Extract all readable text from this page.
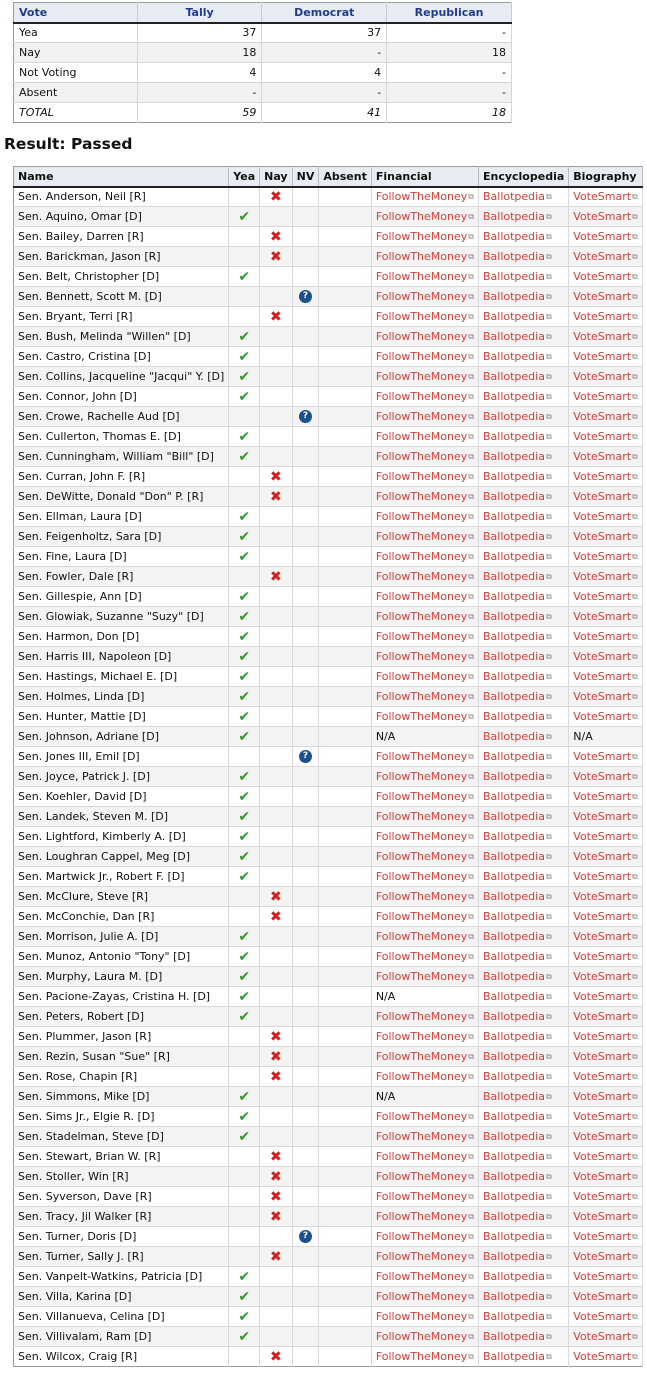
Vote	Tally	Democrat	Republican
Yea	37	37	-
Nay	18	-	18
Not Voting	4	4	-
Absent	-	-	-
TOTAL	59	41	18
Result: Passed
Name	Yea	Nay	NV	Absent	Financial	Encyclopedia	Biography
Sen. Anderson, Neil [R]		✖			FollowTheMoney⧉	Ballotpedia⧉	VoteSmart⧉
Sen. Aquino, Omar [D]	✔				FollowTheMoney⧉	Ballotpedia⧉	VoteSmart⧉
Sen. Bailey, Darren [R]		✖			FollowTheMoney⧉	Ballotpedia⧉	VoteSmart⧉
Sen. Barickman, Jason [R]		✖			FollowTheMoney⧉	Ballotpedia⧉	VoteSmart⧉
Sen. Belt, Christopher [D]	✔				FollowTheMoney⧉	Ballotpedia⧉	VoteSmart⧉
Sen. Bennett, Scott M. [D]			?		FollowTheMoney⧉	Ballotpedia⧉	VoteSmart⧉
Sen. Bryant, Terri [R]		✖			FollowTheMoney⧉	Ballotpedia⧉	VoteSmart⧉
Sen. Bush, Melinda "Willen" [D]	✔				FollowTheMoney⧉	Ballotpedia⧉	VoteSmart⧉
Sen. Castro, Cristina [D]	✔				FollowTheMoney⧉	Ballotpedia⧉	VoteSmart⧉
Sen. Collins, Jacqueline "Jacqui" Y. [D]	✔				FollowTheMoney⧉	Ballotpedia⧉	VoteSmart⧉
Sen. Connor, John [D]	✔				FollowTheMoney⧉	Ballotpedia⧉	VoteSmart⧉
Sen. Crowe, Rachelle Aud [D]			?		FollowTheMoney⧉	Ballotpedia⧉	VoteSmart⧉
Sen. Cullerton, Thomas E. [D]	✔				FollowTheMoney⧉	Ballotpedia⧉	VoteSmart⧉
Sen. Cunningham, William "Bill" [D]	✔				FollowTheMoney⧉	Ballotpedia⧉	VoteSmart⧉
Sen. Curran, John F. [R]		✖			FollowTheMoney⧉	Ballotpedia⧉	VoteSmart⧉
Sen. DeWitte, Donald "Don" P. [R]		✖			FollowTheMoney⧉	Ballotpedia⧉	VoteSmart⧉
Sen. Ellman, Laura [D]	✔				FollowTheMoney⧉	Ballotpedia⧉	VoteSmart⧉
Sen. Feigenholtz, Sara [D]	✔				FollowTheMoney⧉	Ballotpedia⧉	VoteSmart⧉
Sen. Fine, Laura [D]	✔				FollowTheMoney⧉	Ballotpedia⧉	VoteSmart⧉
Sen. Fowler, Dale [R]		✖			FollowTheMoney⧉	Ballotpedia⧉	VoteSmart⧉
Sen. Gillespie, Ann [D]	✔				FollowTheMoney⧉	Ballotpedia⧉	VoteSmart⧉
Sen. Glowiak, Suzanne "Suzy" [D]	✔				FollowTheMoney⧉	Ballotpedia⧉	VoteSmart⧉
Sen. Harmon, Don [D]	✔				FollowTheMoney⧉	Ballotpedia⧉	VoteSmart⧉
Sen. Harris III, Napoleon [D]	✔				FollowTheMoney⧉	Ballotpedia⧉	VoteSmart⧉
Sen. Hastings, Michael E. [D]	✔				FollowTheMoney⧉	Ballotpedia⧉	VoteSmart⧉
Sen. Holmes, Linda [D]	✔				FollowTheMoney⧉	Ballotpedia⧉	VoteSmart⧉
Sen. Hunter, Mattie [D]	✔				FollowTheMoney⧉	Ballotpedia⧉	VoteSmart⧉
Sen. Johnson, Adriane [D]	✔				N/A	Ballotpedia⧉	N/A
Sen. Jones III, Emil [D]			?		FollowTheMoney⧉	Ballotpedia⧉	VoteSmart⧉
Sen. Joyce, Patrick J. [D]	✔				FollowTheMoney⧉	Ballotpedia⧉	VoteSmart⧉
Sen. Koehler, David [D]	✔				FollowTheMoney⧉	Ballotpedia⧉	VoteSmart⧉
Sen. Landek, Steven M. [D]	✔				FollowTheMoney⧉	Ballotpedia⧉	VoteSmart⧉
Sen. Lightford, Kimberly A. [D]	✔				FollowTheMoney⧉	Ballotpedia⧉	VoteSmart⧉
Sen. Loughran Cappel, Meg [D]	✔				FollowTheMoney⧉	Ballotpedia⧉	VoteSmart⧉
Sen. Martwick Jr., Robert F. [D]	✔				FollowTheMoney⧉	Ballotpedia⧉	VoteSmart⧉
Sen. McClure, Steve [R]		✖			FollowTheMoney⧉	Ballotpedia⧉	VoteSmart⧉
Sen. McConchie, Dan [R]		✖			FollowTheMoney⧉	Ballotpedia⧉	VoteSmart⧉
Sen. Morrison, Julie A. [D]	✔				FollowTheMoney⧉	Ballotpedia⧉	VoteSmart⧉
Sen. Munoz, Antonio "Tony" [D]	✔				FollowTheMoney⧉	Ballotpedia⧉	VoteSmart⧉
Sen. Murphy, Laura M. [D]	✔				FollowTheMoney⧉	Ballotpedia⧉	VoteSmart⧉
Sen. Pacione-Zayas, Cristina H. [D]	✔				N/A	Ballotpedia⧉	VoteSmart⧉
Sen. Peters, Robert [D]	✔				FollowTheMoney⧉	Ballotpedia⧉	VoteSmart⧉
Sen. Plummer, Jason [R]		✖			FollowTheMoney⧉	Ballotpedia⧉	VoteSmart⧉
Sen. Rezin, Susan "Sue" [R]		✖			FollowTheMoney⧉	Ballotpedia⧉	VoteSmart⧉
Sen. Rose, Chapin [R]		✖			FollowTheMoney⧉	Ballotpedia⧉	VoteSmart⧉
Sen. Simmons, Mike [D]	✔				N/A	Ballotpedia⧉	VoteSmart⧉
Sen. Sims Jr., Elgie R. [D]	✔				FollowTheMoney⧉	Ballotpedia⧉	VoteSmart⧉
Sen. Stadelman, Steve [D]	✔				FollowTheMoney⧉	Ballotpedia⧉	VoteSmart⧉
Sen. Stewart, Brian W. [R]		✖			FollowTheMoney⧉	Ballotpedia⧉	VoteSmart⧉
Sen. Stoller, Win [R]		✖			FollowTheMoney⧉	Ballotpedia⧉	VoteSmart⧉
Sen. Syverson, Dave [R]		✖			FollowTheMoney⧉	Ballotpedia⧉	VoteSmart⧉
Sen. Tracy, Jil Walker [R]		✖			FollowTheMoney⧉	Ballotpedia⧉	VoteSmart⧉
Sen. Turner, Doris [D]			?		FollowTheMoney⧉	Ballotpedia⧉	VoteSmart⧉
Sen. Turner, Sally J. [R]		✖			FollowTheMoney⧉	Ballotpedia⧉	VoteSmart⧉
Sen. Vanpelt-Watkins, Patricia [D]	✔				FollowTheMoney⧉	Ballotpedia⧉	VoteSmart⧉
Sen. Villa, Karina [D]	✔				FollowTheMoney⧉	Ballotpedia⧉	VoteSmart⧉
Sen. Villanueva, Celina [D]	✔				FollowTheMoney⧉	Ballotpedia⧉	VoteSmart⧉
Sen. Villivalam, Ram [D]	✔				FollowTheMoney⧉	Ballotpedia⧉	VoteSmart⧉
Sen. Wilcox, Craig [R]		✖			FollowTheMoney⧉	Ballotpedia⧉	VoteSmart⧉
